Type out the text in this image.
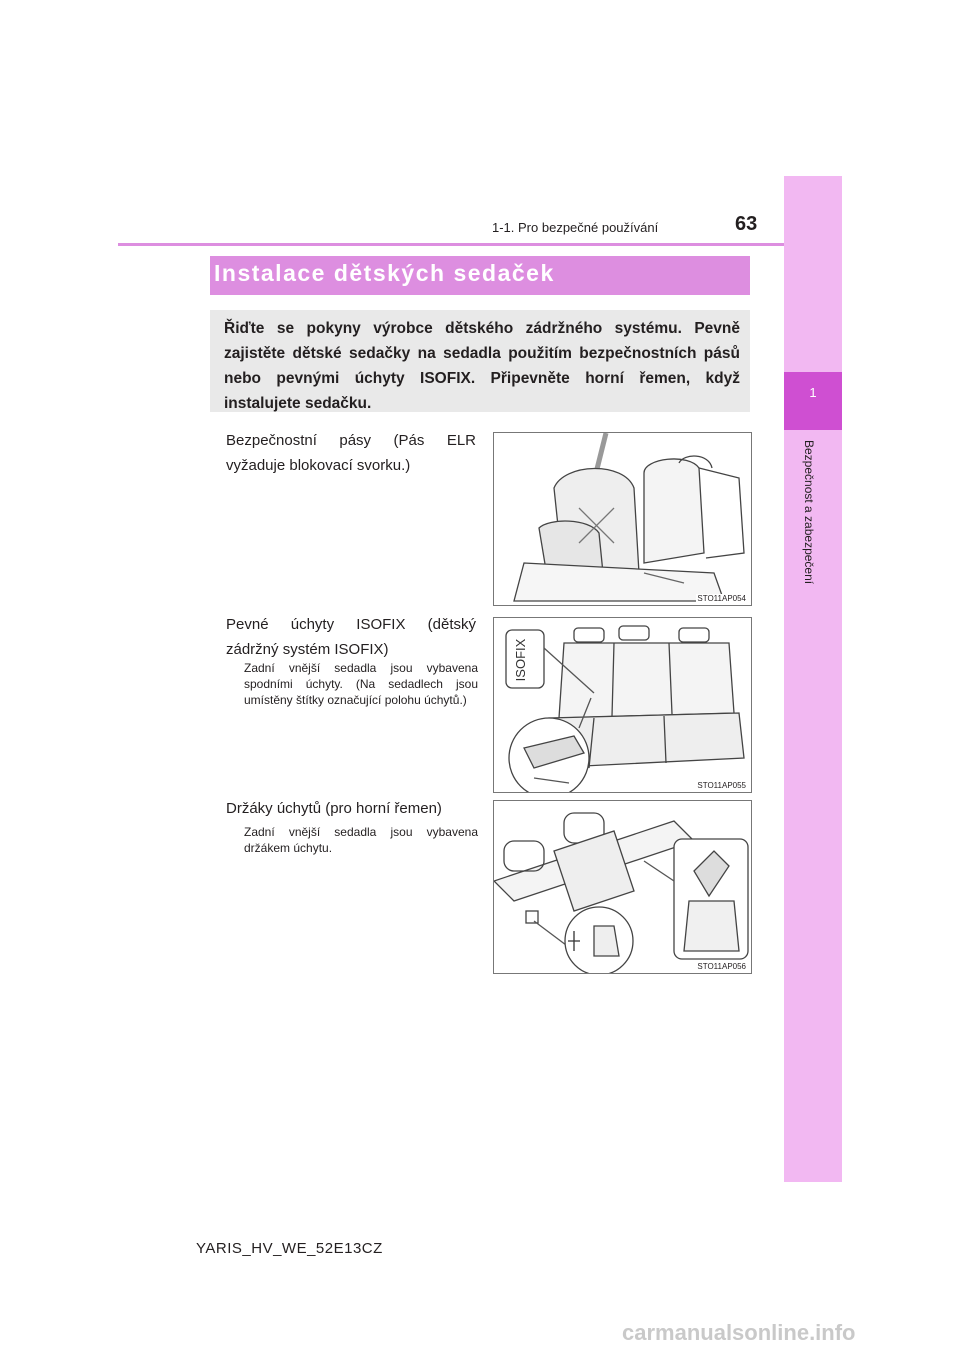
1
Bezpečnost a zabezpečení
1-1. Pro bezpečné používání	63
Instalace dětských sedaček
Řiďte se pokyny výrobce dětského zádržného systému. Pevně zajistěte dětské sedačky na sedadla použitím bezpečnostních pásů nebo pevnými úchyty ISOFIX. Připevněte horní řemen, když instalujete sedačku.
Bezpečnostní pásy (Pás ELR vyžaduje blokovací svorku.)
STO11AP054
Pevné úchyty ISOFIX (dětský zádržný systém ISOFIX)
Zadní vnější sedadla jsou vybavena spodními úchyty. (Na sedadlech jsou umístěny štítky označující polohu úchytů.)
ISOFIX
STO11AP055
Držáky úchytů (pro horní řemen)
Zadní vnější sedadla jsou vybavena držákem úchytu.
STO11AP056
YARIS_HV_WE_52E13CZ
carmanualsonline.info
